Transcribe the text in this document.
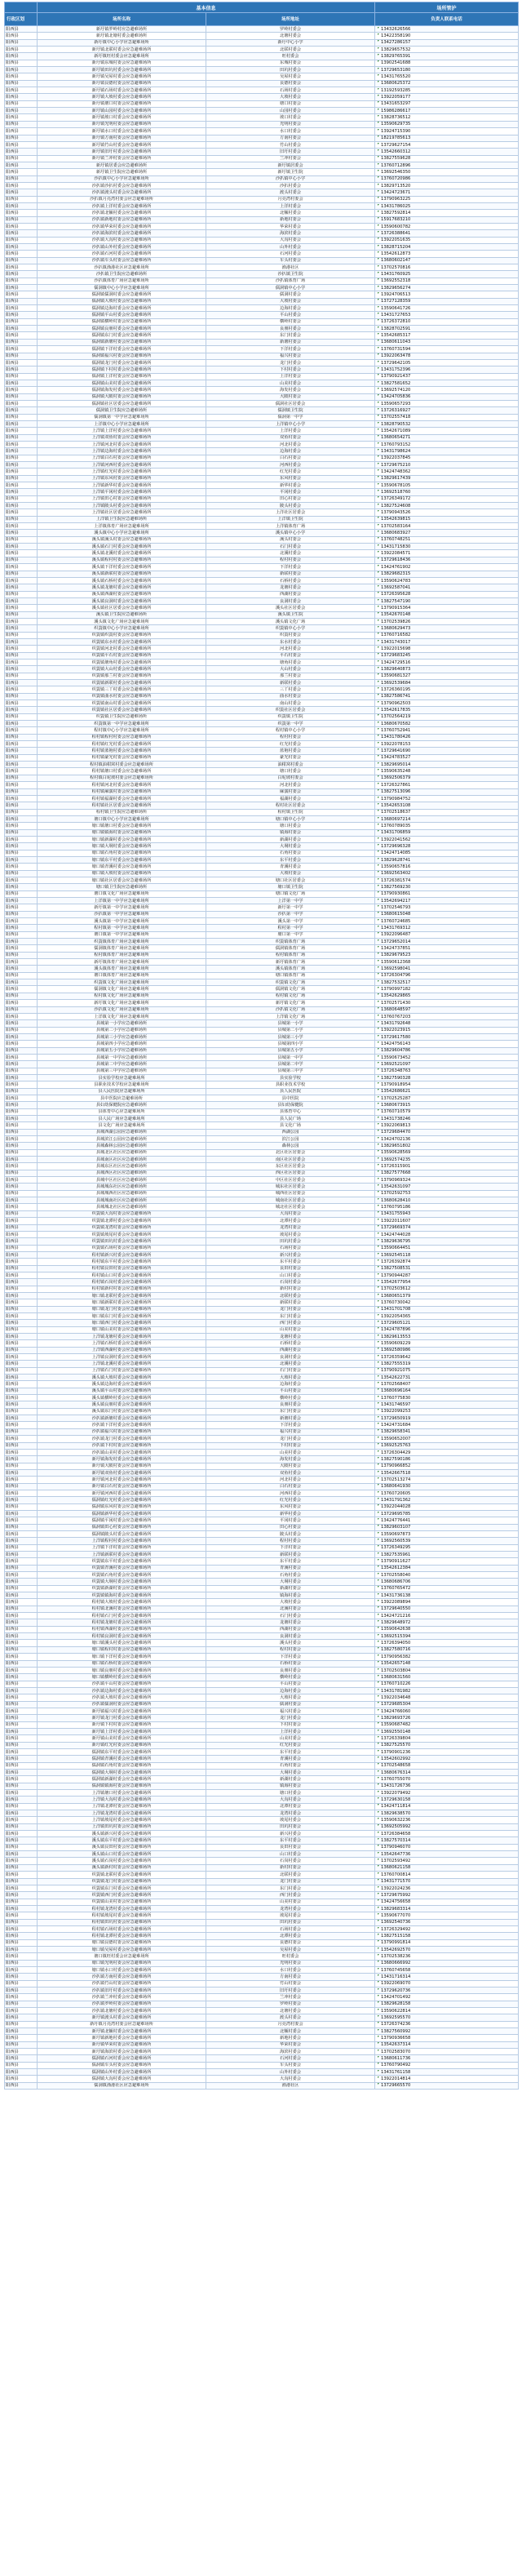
	基本信息		场所管护
行政区划	场所名称	场所地址	负责人联系电话
阳西县	新圩镇罗岭村应急避难场所	罗岭村委会	13432626566
阳西县	新圩镇北塘村委会避难场所	北塘村委会	13422358190
阳西县	新圩镇中心小学应急避难场所	新圩中心小学	13427286157
阳西县	新圩镇北联村委会应急避难场所	北联村委会	13829657532
阳西县	新圩镇旺村委会应急避难场所	旺村委会	13829765391
阳西县	新圩镇东城村委会应急避难场所	东城村委会	13902541688
阳西县	新圩镇田坑村委会应急避难场所	田坑村委会	13729653180
阳西县	新圩镇吴屋村委会应急避难场所	吴屋村委会	13431765520
阳西县	新圩镇良德村委会应急避难场所	良德村委会	13680625372
阳西县	新圩镇石场村委会应急避难场所	石场村委会	13192593285
阳西县	新圩镇大坡村委会应急避难场所	大坡村委会	13922059177
阳西县	新圩镇塘口村委会应急避难场所	塘口村委会	13431653297
阳西县	新圩镇山园村委会应急避难场所	山园村委会	15986286617
阳西县	新圩镇坡口村委会应急避难场所	坡口村委会	13828736512
阳西县	新圩镇光明村委会应急避难场所	光明村委会	13590629735
阳西县	新圩镇水口村委会应急避难场所	水口村委会	13924715390
阳西县	新圩镇方南村委会应急避难场所	方南村委会	18219785613
阳西县	新圩镇竹山村委会应急避难场所	竹山村委会	13729627154
阳西县	新圩镇旧圩村委会应急避难场所	旧圩村委会	13542660312
阳西县	新圩镇兰冲村委会应急避难场所	兰冲村委会	13827559628
阳西县	新圩镇居委会应急避难场所	新圩镇居委会	13760712896
阳西县	新圩镇卫生院应急避难场所	新圩镇卫生院	13692546350
阳西县	沙扒镇中心小学应急避难场所	沙扒镇中心小学	13760720986
阳西县	沙扒镇沙扒村委会应急避难场所	沙扒村委会	13829713520
阳西县	沙扒镇渡头村委会应急避难场所	渡头村委会	13424723671
阳西县	沙扒镇月亮湾村委会应急避难场所	月亮湾村委会	13790963225
阳西县	沙扒镇上洋村委会应急避难场所	上洋村委会	13431786025
阳西县	沙扒镇北额村委会应急避难场所	北额村委会	13827592814
阳西县	沙扒镇新地村委会应急避难场所	新地村委会	15917683210
阳西县	沙扒镇华荣村委会应急避难场所	华荣村委会	13590600782
阳西县	沙扒镇海滨村委会应急避难场所	海滨村委会	13726388641
阳西县	沙扒镇大沟村委会应急避难场所	大沟村委会	13922051635
阳西县	沙扒镇山外村委会应急避难场所	山外村委会	13828715204
阳西县	沙扒镇石河村委会应急避难场所	石河村委会	13542612873
阳西县	沙扒镇车头村委会应急避难场所	车头村委会	13680602147
阳西县	沙扒镇渔港社区应急避难场所	渔港社区	13702570816
阳西县	沙扒镇卫生院应急避难场所	沙扒镇卫生院	13431760925
阳西县	沙扒镇体育广场应急避难场所	沙扒镇体育广场	13692552318
阳西县	儒洞镇中心小学应急避难场所	儒洞镇中心小学	13829656274
阳西县	儒洞镇儒洞村委会应急避难场所	儒洞村委会	13924706513
阳西县	儒洞镇大坡村委会应急避难场所	大坡村委会	13727128359
阳西县	儒洞镇边海村委会应急避难场所	边海村委会	13590641726
阳西县	儒洞镇平山村委会应急避难场所	平山村委会	13431727653
阳西县	儒洞镇横岭村委会应急避难场所	横岭村委会	13726372810
阳西县	儒洞镇良朋村委会应急避难场所	良朋村委会	13828702591
阳西县	儒洞镇东门村委会应急避难场所	东门村委会	13542685317
阳西县	儒洞镇新塘村委会应急避难场所	新塘村委会	13680611043
阳西县	儒洞镇下洋村委会应急避难场所	下洋村委会	13760731594
阳西县	儒洞镇福兴村委会应急避难场所	福兴村委会	13922063478
阳西县	儒洞镇龙门村委会应急避难场所	龙门村委会	13729642105
阳西县	儒洞镇下村村委会应急避难场所	下村村委会	13431752396
阳西县	儒洞镇上洋村委会应急避难场所	上洋村委会	13790921437
阳西县	儒洞镇山美村委会应急避难场所	山美村委会	13827581652
阳西县	儒洞镇海发村委会应急避难场所	海发村委会	13692574120
阳西县	儒洞镇大陂村委会应急避难场所	大陂村委会	13424705836
阳西县	儒洞镇社区居委会应急避难场所	儒洞社区居委会	13590657293
阳西县	儒洞镇卫生院应急避难场所	儒洞镇卫生院	13726316927
阳西县	儒洞镇第一中学应急避难场所	儒洞第一中学	13702557418
阳西县	上洋镇中心小学应急避难场所	上洋镇中心小学	13828790532
阳西县	上洋镇上洋村委会应急避难场所	上洋村委会	13542671089
阳西县	上洋镇双鱼村委会应急避难场所	双鱼村委会	13680654271
阳西县	上洋镇河北村委会应急避难场所	河北村委会	13760793152
阳西县	上洋镇边海村委会应急避难场所	边海村委会	13431798624
阳西县	上洋镇白石村委会应急避难场所	白石村委会	13922037845
阳西县	上洋镇河西村委会应急避难场所	河西村委会	13729675210
阳西县	上洋镇红光村委会应急避难场所	红光村委会	13424748362
阳西县	上洋镇东风村委会应急避难场所	东风村委会	13829617439
阳西县	上洋镇新华村委会应急避难场所	新华村委会	13590678105
阳西县	上洋镇平冈村委会应急避难场所	平冈村委会	13692518760
阳西县	上洋镇田心村委会应急避难场所	田心村委会	13726349172
阳西县	上洋镇陂头村委会应急避难场所	陂头村委会	13827524608
阳西县	上洋镇社区居委会应急避难场所	上洋社区居委会	13790943526
阳西县	上洋镇卫生院应急避难场所	上洋镇卫生院	13542639815
阳西县	上洋镇体育广场应急避难场所	上洋镇体育广场	13702583164
阳西县	溪头镇中心小学应急避难场所	溪头镇中心小学	13680683927
阳西县	溪头镇溪头村委会应急避难场所	溪头村委会	13760748251
阳西县	溪头镇石门村委会应急避难场所	石门村委会	13431715830
阳西县	溪头镇北溪村委会应急避难场所	北溪村委会	13922084571
阳西县	溪头镇程村村委会应急避难场所	程村村委会	13729618436
阳西县	溪头镇下洋村委会应急避难场所	下洋村委会	13424761902
阳西县	溪头镇新联村委会应急避难场所	新联村委会	13829682315
阳西县	溪头镇石桥村委会应急避难场所	石桥村委会	13590624783
阳西县	溪头镇龙塘村委会应急避难场所	龙塘村委会	13692587041
阳西县	溪头镇西湖村委会应急避难场所	西湖村委会	13726395628
阳西县	溪头镇良洞村委会应急避难场所	良洞村委会	13827547190
阳西县	溪头镇社区居委会应急避难场所	溪头社区居委会	13790915364
阳西县	溪头镇卫生院应急避难场所	溪头镇卫生院	13542670148
阳西县	溪头镇文化广场应急避难场所	溪头镇文化广场	13702539826
阳西县	织篢镇中心小学应急避难场所	织篢镇中心小学	13680629473
阳西县	织篢镇织篢村委会应急避难场所	织篢村委会	13760716582
阳西县	织篢镇东水村委会应急避难场所	东水村委会	13431743017
阳西县	织篢镇河北村委会应急避难场所	河北村委会	13922015698
阳西县	织篢镇平石村委会应急避难场所	平石村委会	13729683245
阳西县	织篢镇塘角村委会应急避难场所	塘角村委会	13424729516
阳西县	织篢镇大山村委会应急避难场所	大山村委会	13829640873
阳西县	织篢镇那兰村委会应急避难场所	那兰村委会	13590681327
阳西县	织篢镇新联村委会应急避难场所	新联村委会	13692539684
阳西县	织篢镇三丫村委会应急避难场所	三丫村委会	13726360195
阳西县	织篢镇曲水村委会应急避难场所	曲水村委会	13827586741
阳西县	织篢镇南山村委会应急避难场所	南山村委会	13790962503
阳西县	织篢镇社区居委会应急避难场所	织篢社区居委会	13542617835
阳西县	织篢镇卫生院应急避难场所	织篢镇卫生院	13702564219
阳西县	织篢镇第一中学应急避难场所	织篢第一中学	13680670582
阳西县	程村镇中心小学应急避难场所	程村镇中心小学	13760752941
阳西县	程村镇程村村委会应急避难场所	程村村委会	13431780426
阳西县	程村镇红光村委会应急避难场所	红光村委会	13922078153
阳西县	程村镇蓝袍村委会应急避难场所	蓝袍村委会	13729641690
阳西县	程村镇豪光村委会应急避难场所	豪光村委会	13424783527
阳西县	程村镇油柑窝村委会应急避难场所	油柑窝村委会	13829695014
阳西县	程村镇塘口村委会应急避难场所	塘口村委会	13590635248
阳西县	程村镇白坭坡村委会应急避难场所	白坭坡村委会	13692506379
阳西县	程村镇河北村委会应急避难场所	河北村委会	13726327861
阳西县	程村镇麻演村委会应急避难场所	麻演村委会	13827513096
阳西县	程村镇福湖村委会应急避难场所	福湖村委会	13790984752
阳西县	程村镇社区居委会应急避难场所	程村社区居委会	13542653108
阳西县	程村镇卫生院应急避难场所	程村镇卫生院	13702518637
阳西县	塘口镇中心小学应急避难场所	塘口镇中心小学	13680697214
阳西县	塘口镇塘口村委会应急避难场所	塘口村委会	13760789035
阳西县	塘口镇镇海村委会应急避难场所	镇海村委会	13431706859
阳西县	塘口镇新湖村委会应急避难场所	新湖村委会	13922041562
阳西县	塘口镇大垌村委会应急避难场所	大垌村委会	13729696328
阳西县	塘口镇石角村委会应急避难场所	石角村委会	13424714085
阳西县	塘口镇东平村委会应急避难场所	东平村委会	13829628741
阳西县	塘口镇青溪村委会应急避难场所	青溪村委会	13590657816
阳西县	塘口镇大坡村委会应急避难场所	大坡村委会	13692563402
阳西县	塘口镇社区居委会应急避难场所	塘口社区居委会	13726381574
阳西县	塘口镇卫生院应急避难场所	塘口镇卫生院	13827569230
阳西县	塘口镇文化广场应急避难场所	塘口镇文化广场	13790930861
阳西县	上洋镇第一中学应急避难场所	上洋第一中学	13542694217
阳西县	新圩镇第一中学应急避难场所	新圩第一中学	13702546793
阳西县	沙扒镇第一中学应急避难场所	沙扒第一中学	13680615048
阳西县	溪头镇第一中学应急避难场所	溪头第一中学	13760724685
阳西县	程村镇第一中学应急避难场所	程村第一中学	13431769312
阳西县	塘口镇第一中学应急避难场所	塘口第一中学	13922096487
阳西县	织篢镇体育广场应急避难场所	织篢镇体育广场	13729652014
阳西县	儒洞镇体育广场应急避难场所	儒洞镇体育广场	13424737851
阳西县	程村镇体育广场应急避难场所	程村镇体育广场	13829679523
阳西县	新圩镇体育广场应急避难场所	新圩镇体育广场	13590612368
阳西县	溪头镇体育广场应急避难场所	溪头镇体育广场	13692598041
阳西县	塘口镇体育广场应急避难场所	塘口镇体育广场	13726304796
阳西县	织篢镇文化广场应急避难场所	织篢镇文化广场	13827532517
阳西县	儒洞镇文化广场应急避难场所	儒洞镇文化广场	13790997182
阳西县	程村镇文化广场应急避难场所	程村镇文化广场	13542629865
阳西县	新圩镇文化广场应急避难场所	新圩镇文化广场	13702571430
阳西县	沙扒镇文化广场应急避难场所	沙扒镇文化广场	13680648597
阳西县	上洋镇文化广场应急避难场所	上洋镇文化广场	13760767203
阳西县	县城第一小学应急避难场所	县城第一小学	13431792648
阳西县	县城第二小学应急避难场所	县城第二小学	13922023915
阳西县	县城第三小学应急避难场所	县城第三小学	13729617580
阳西县	县城第四小学应急避难场所	县城第四小学	13424756143
阳西县	县城第五小学应急避难场所	县城第五小学	13829604786
阳西县	县城第一中学应急避难场所	县城第一中学	13590673452
阳西县	县城第二中学应急避难场所	县城第二中学	13692521097
阳西县	县城第三中学应急避难场所	县城第三中学	13726348763
阳西县	县实验学校应急避难场所	县实验学校	13827590328
阳西县	县职业技术学校应急避难场所	县职业技术学校	13790918954
阳西县	县人民医院应急避难场所	县人民医院	13542686621
阳西县	县中医院应急避难场所	县中医院	13702525287
阳西县	县妇幼保健院应急避难场所	县妇幼保健院	13680673915
阳西县	县体育中心应急避难场所	县体育中心	13760710579
阳西县	县人民广场应急避难场所	县人民广场	13431738246
阳西县	县文化广场应急避难场所	县文化广场	13922069813
阳西县	县城西湖公园应急避难场所	西湖公园	13729684470
阳西县	县城滨江公园应急避难场所	滨江公园	13424702136
阳西县	县城森林公园应急避难场所	森林公园	13829651802
阳西县	县城北区社区应急避难场所	北区社区居委会	13590628569
阳西县	县城南区社区应急避难场所	南区社区居委会	13692574235
阳西县	县城东区社区应急避难场所	东区社区居委会	13726315901
阳西县	县城西区社区应急避难场所	西区社区居委会	13827577668
阳西县	县城中区社区应急避难场所	中区社区居委会	13790969324
阳西县	县城城东社区应急避难场所	城东社区居委会	13542631097
阳西县	县城城西社区应急避难场所	城西社区居委会	13702592753
阳西县	县城城南社区应急避难场所	城南社区居委会	13680628410
阳西县	县城城北社区应急避难场所	城北社区居委会	13760795186
阳西县	织篢镇大沟村委会应急避难场所	大沟村委会	13431755943
阳西县	织篢镇北潭村委会应急避难场所	北潭村委会	13922011607
阳西县	织篢镇龙湾村委会应急避难场所	龙湾村委会	13729669374
阳西县	织篢镇坡尾村委会应急避难场所	坡尾村委会	13424744028
阳西县	织篢镇田坑村委会应急避难场所	田坑村委会	13829636795
阳西县	织篢镇石场村委会应急避难场所	石场村委会	13590664451
阳西县	程村镇新兴村委会应急避难场所	新兴村委会	13692545118
阳西县	程村镇东平村委会应急避难场所	东平村委会	13726392874
阳西县	程村镇良田村委会应急避难场所	良田村委会	13827508531
阳西县	程村镇山口村委会应急避难场所	山口村委会	13790944287
阳西县	程村镇石岗村委会应急避难场所	石岗村委会	13542677954
阳西县	程村镇新村村委会应急避难场所	新村村委会	13702503612
阳西县	塘口镇北联村委会应急避难场所	北联村委会	13680651379
阳西县	塘口镇新联村委会应急避难场所	新联村委会	13760730042
阳西县	塘口镇龙门村委会应急避难场所	龙门村委会	13431701708
阳西县	塘口镇东门村委会应急避难场所	东门村委会	13922054365
阳西县	塘口镇西门村委会应急避难场所	西门村委会	13729605121
阳西县	塘口镇山美村委会应急避难场所	山美村委会	13424787896
阳西县	上洋镇龙塘村委会应急避难场所	龙塘村委会	13829613553
阳西县	上洋镇石桥村委会应急避难场所	石桥村委会	13590609229
阳西县	上洋镇西湖村委会应急避难场所	西湖村委会	13692580986
阳西县	上洋镇良洞村委会应急避难场所	良洞村委会	13726359642
阳西县	上洋镇北溪村委会应急避难场所	北溪村委会	13827555319
阳西县	上洋镇石门村委会应急避难场所	石门村委会	13790921075
阳西县	溪头镇大坡村委会应急避难场所	大坡村委会	13542622731
阳西县	溪头镇边海村委会应急避难场所	边海村委会	13702568407
阳西县	溪头镇平山村委会应急避难场所	平山村委会	13680696164
阳西县	溪头镇横岭村委会应急避难场所	横岭村委会	13760775830
阳西县	溪头镇良朋村委会应急避难场所	良朋村委会	13431746597
阳西县	溪头镇东门村委会应急避难场所	东门村委会	13922099253
阳西县	沙扒镇新塘村委会应急避难场所	新塘村委会	13729650919
阳西县	沙扒镇下洋村委会应急避难场所	下洋村委会	13424731684
阳西县	沙扒镇福兴村委会应急避难场所	福兴村委会	13829658341
阳西县	沙扒镇龙门村委会应急避难场所	龙门村委会	13590652007
阳西县	沙扒镇下村村委会应急避难场所	下村村委会	13692525763
阳西县	沙扒镇山美村委会应急避难场所	山美村委会	13726304429
阳西县	新圩镇海发村委会应急避难场所	海发村委会	13827590186
阳西县	新圩镇大陂村委会应急避难场所	大陂村委会	13790966852
阳西县	新圩镇双鱼村委会应急避难场所	双鱼村委会	13542667518
阳西县	新圩镇河北村委会应急避难场所	河北村委会	13702513274
阳西县	新圩镇白石村委会应急避难场所	白石村委会	13680641930
阳西县	新圩镇河西村委会应急避难场所	河西村委会	13760720605
阳西县	儒洞镇红光村委会应急避难场所	红光村委会	13431791362
阳西县	儒洞镇东风村委会应急避难场所	东风村委会	13922044028
阳西县	儒洞镇新华村委会应急避难场所	新华村委会	13729695785
阳西县	儒洞镇平冈村委会应急避难场所	平冈村委会	13424776441
阳西县	儒洞镇田心村委会应急避难场所	田心村委会	13829603107
阳西县	儒洞镇陂头村委会应急避难场所	陂头村委会	13590697873
阳西县	上洋镇程村村委会应急避难场所	程村村委会	13692560539
阳西县	上洋镇下洋村委会应急避难场所	下洋村委会	13726349295
阳西县	上洋镇新联村委会应急避难场所	新联村委会	13827535961
阳西县	织篢镇东平村委会应急避难场所	东平村委会	13790911627
阳西县	织篢镇青溪村委会应急避难场所	青溪村委会	13542612384
阳西县	织篢镇石角村委会应急避难场所	石角村委会	13702558040
阳西县	织篢镇大垌村委会应急避难场所	大垌村委会	13680686706
阳西县	织篢镇新湖村委会应急避难场所	新湖村委会	13760765472
阳西县	织篢镇镇海村委会应急避难场所	镇海村委会	13431736138
阳西县	程村镇大坡村委会应急避难场所	大坡村委会	13922089894
阳西县	程村镇北溪村委会应急避难场所	北溪村委会	13729640550
阳西县	程村镇石门村委会应急避难场所	石门村委会	13424721216
阳西县	程村镇龙塘村委会应急避难场所	龙塘村委会	13829648972
阳西县	程村镇西湖村委会应急避难场所	西湖村委会	13590642638
阳西县	程村镇良洞村委会应急避难场所	良洞村委会	13692515394
阳西县	塘口镇溪头村委会应急避难场所	溪头村委会	13726394050
阳西县	塘口镇程村村委会应急避难场所	程村村委会	13827580716
阳西县	塘口镇下洋村委会应急避难场所	下洋村委会	13790956382
阳西县	塘口镇石桥村委会应急避难场所	石桥村委会	13542657148
阳西县	塘口镇良朋村委会应急避难场所	良朋村委会	13702503804
阳西县	塘口镇横岭村委会应急避难场所	横岭村委会	13680631560
阳西县	沙扒镇平山村委会应急避难场所	平山村委会	13760710226
阳西县	沙扒镇边海村委会应急避难场所	边海村委会	13431781982
阳西县	沙扒镇大坡村委会应急避难场所	大坡村委会	13922034648
阳西县	沙扒镇儒洞村委会应急避难场所	儒洞村委会	13729685304
阳西县	新圩镇福兴村委会应急避难场所	福兴村委会	13424766060
阳西县	新圩镇龙门村委会应急避难场所	龙门村委会	13829693726
阳西县	新圩镇下村村委会应急避难场所	下村村委会	13590687482
阳西县	新圩镇上洋村委会应急避难场所	上洋村委会	13692550148
阳西县	新圩镇山美村委会应急避难场所	山美村委会	13726339804
阳西县	新圩镇红光村委会应急避难场所	红光村委会	13827525570
阳西县	儒洞镇东平村委会应急避难场所	东平村委会	13790901236
阳西县	儒洞镇青溪村委会应急避难场所	青溪村委会	13542602992
阳西县	儒洞镇石角村委会应急避难场所	石角村委会	13702548658
阳西县	儒洞镇大垌村委会应急避难场所	大垌村委会	13680676314
阳西县	儒洞镇新湖村委会应急避难场所	新湖村委会	13760755070
阳西县	儒洞镇镇海村委会应急避难场所	镇海村委会	13431726736
阳西县	上洋镇塘口村委会应急避难场所	塘口村委会	13922079492
阳西县	上洋镇大沟村委会应急避难场所	大沟村委会	13729630158
阳西县	上洋镇北潭村委会应急避难场所	北潭村委会	13424711814
阳西县	上洋镇龙湾村委会应急避难场所	龙湾村委会	13829638570
阳西县	上洋镇坡尾村委会应急避难场所	坡尾村委会	13590632236
阳西县	上洋镇田坑村委会应急避难场所	田坑村委会	13692505992
阳西县	溪头镇新兴村委会应急避难场所	新兴村委会	13726384658
阳西县	溪头镇东平村委会应急避难场所	东平村委会	13827570314
阳西县	溪头镇良田村委会应急避难场所	良田村委会	13790946070
阳西县	溪头镇山口村委会应急避难场所	山口村委会	13542647736
阳西县	溪头镇石岗村委会应急避难场所	石岗村委会	13702593492
阳西县	溪头镇新村村委会应急避难场所	新村村委会	13680621158
阳西县	织篢镇北联村委会应急避难场所	北联村委会	13760700814
阳西县	织篢镇龙门村委会应急避难场所	龙门村委会	13431771570
阳西县	织篢镇东门村委会应急避难场所	东门村委会	13922024236
阳西县	织篢镇西门村委会应急避难场所	西门村委会	13729675992
阳西县	织篢镇山美村委会应急避难场所	山美村委会	13424756658
阳西县	程村镇龙湾村委会应急避难场所	龙湾村委会	13829683314
阳西县	程村镇坡尾村委会应急避难场所	坡尾村委会	13590677070
阳西县	程村镇田坑村委会应急避难场所	田坑村委会	13692540736
阳西县	程村镇石场村委会应急避难场所	石场村委会	13726329492
阳西县	程村镇北潭村委会应急避难场所	北潭村委会	13827515158
阳西县	塘口镇良德村委会应急避难场所	良德村委会	13790991814
阳西县	塘口镇吴屋村委会应急避难场所	吴屋村委会	13542692570
阳西县	塘口镇旺村委会应急避难场所	旺村委会	13702538236
阳西县	塘口镇光明村委会应急避难场所	光明村委会	13680666992
阳西县	塘口镇水口村委会应急避难场所	水口村委会	13760745658
阳西县	沙扒镇方南村委会应急避难场所	方南村委会	13431716314
阳西县	沙扒镇竹山村委会应急避难场所	竹山村委会	13922069070
阳西县	沙扒镇旧圩村委会应急避难场所	旧圩村委会	13729620736
阳西县	沙扒镇兰冲村委会应急避难场所	兰冲村委会	13424701492
阳西县	沙扒镇罗岭村委会应急避难场所	罗岭村委会	13829628158
阳西县	沙扒镇北塘村委会应急避难场所	北塘村委会	13590622814
阳西县	新圩镇渡头村委会应急避难场所	渡头村委会	13692595570
阳西县	新圩镇月亮湾村委会应急避难场所	月亮湾村委会	13726374236
阳西县	新圩镇北额村委会应急避难场所	北额村委会	13827560992
阳西县	新圩镇新地村委会应急避难场所	新地村委会	13790936658
阳西县	新圩镇华荣村委会应急避难场所	华荣村委会	13542637314
阳西县	新圩镇海滨村委会应急避难场所	海滨村委会	13702583070
阳西县	儒洞镇石河村委会应急避难场所	石河村委会	13680611736
阳西县	儒洞镇车头村委会应急避难场所	车头村委会	13760790492
阳西县	儒洞镇山外村委会应急避难场所	山外村委会	13431761158
阳西县	儒洞镇大沟村委会应急避难场所	大沟村委会	13922014814
阳西县	儒洞镇渔港社区应急避难场所	渔港社区	13729665570
